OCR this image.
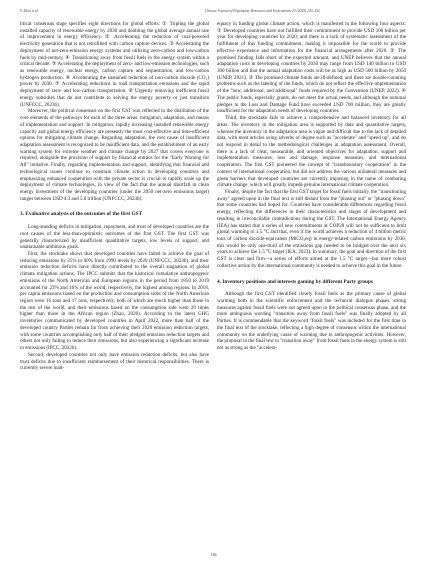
Y. Zhou et al.	Chinese Journal of Population, Resources and Environment 23 (2025) 143–152

litical consensus stage specifies eight directions for global efforts: ① Tripling the global installed capacity of renewable energy by 2030 and doubling the global average annual rate of improvement in energy efficiency. ② Accelerating the reduction of coal-powered electricity generation that is not retrofitted with carbon capture devices. ③ Accelerating the deployment of net-zero-emission energy systems and utilizing zero-carbon and low-carbon fuels by mid-century. ④ Transitioning away from fossil fuels in the energy system within a critical decade. ⑤ Accelerating the deployment of zero- and low-emission technologies, such as renewable energy, nuclear energy, carbon capture and sequestration, and low-carbon hydrogen production. ⑥ Accelerating the sustained reduction of non-carbon dioxide (CO₂) power by 2030. ⑦ Accelerating reductions in road transportation emissions and the rapid deployment of zero- and low-carbon transportation. ⑧ Urgently removing inefficient fossil energy subsidies that do not contribute to solving the energy poverty or just transition (UNFCCC, 2023b).

Moreover, the political consensus on the first GST was reflected in the distillation of the core elements of the pathways for each of the three areas: mitigation, adaptation, and means of implementation and support. In mitigation, rapidly increasing installed renewable energy capacity and global energy efficiency are presently the most cost-effective and time-efficient options for mitigating climate change. Regarding adaptation, the root cause of insufficient adaptation assessment is recognized to be insufficient data, and the establishment of an early warning system for extreme weather and climate change by 2027 that covers everyone is required, alongside the provision of support by financial entities for the "Early Warning for All" initiative. Finally, regarding implementation and support, identifying that financial and technological issues continue to constrain climate action in developing countries and emphasizing enhanced cooperation with the private sector is crucial to rapidly scale up the deployment of climate technologies, in view of the fact that the annual shortfall in clean energy investment of the developing countries (under the 2050 net-zero emissions target) ranges between USD 4.3 and 5.0 trillion (UNFCCC, 2023b).

3. Evaluative analysis of the outcomes of the first GST

Long-standing deficits in mitigation, repayment, and trust of developed countries are the root causes of the less-than-optimistic outcomes of the first GST. The first GST was generally characterized by insufficient quantitative targets, low levels of support, and unattainable ambitious goals.

First, the stocktake shows that developed countries have failed to achieve the goal of reducing emissions by 25% to 40% from 1990 levels by 2020 (UNFCCC, 2023b), and their emission reduction deficits have directly contributed to the overall stagnation of global climate mitigation actions. The IPCC submits that the historical cumulative anthropogenic emissions of the North American and European regions in the period from 1850 to 2019 accounted for 23% and 16% of the world, respectively, the highest among regions. In 2018, per capita emissions based on the production and consumption sides of the North American region were 16 tons and 17 tons, respectively, both of which are much higher than those in the rest of the world, and their emissions based on the consumption side were 20 times higher than those in the African region (Zhao, 2020). According to the latest GHG inventories communicated by developed countries in April 2022, more than half of the developed country Parties remain far from achieving their 2020 emission reduction targets, with some countries accomplishing only half of their pledged emission reduction targets and others not only failing to reduce their emissions, but also experiencing a significant increase in emissions (IPCC, 2022b).

Second, developed countries not only have emission reduction deficits, but also have trust deficits due to insufficient reimbursement of their historical responsibilities. There is currently severe inad-

equacy in funding global climate action, which is manifested in the following four aspects: ① Developed countries have not fulfilled their commitment to provide USD 100 billion per year for developing countries by 2020, and there is a lack of systematic assessment of the fulfillment of this funding commitment, making it impossible for the world to provide effective experience and information for the financial arrangements after 2020. ② The promised funding falls short of the expected amount, and UNEP believes that the annual adaptation costs in developing countries by 2030 may range from USD 140 billion to USD 300 billion and that the annual adaptation costs will be as high as USD 500 billion by 2050 (UNEP, 2021). ③ The promised climate funds are ill-defined, and there are double-counting problems such as the labeling of the funds, which do not reflect the effective implementation of the "new, additional, and additional" funds required by the Convention (UNEP, 2022). ④ The public funds, especially grants, do not meet the actual needs, and although the nominal pledges to the Loss and Damage Fund have exceeded USD 700 million, they are greatly insufficient for the adaptation needs of developing countries.

Third, the stocktake fails to achieve a comprehensive and balanced inventory for all areas. The inventory in the mitigation area is supported by data and quantitative targets, whereas the inventory in the adaptation area is vague and difficult due to the lack of detailed data, with most articles using adverbs of degree such as "accelerate" and "speed up", and do not respond in detail to the methodological challenges in adaptation assessment. Overall, there is a lack of clear, measurable, and oriented objectives for adaptation, support and implementation measures, loss and damage, response measures, and international cooperation. The first GST pioneered the concept of "transboundary cooperation" in the context of international cooperation, but did not address the various unilateral measures and green barriers that developed countries are currently imposing in the name of combating climate change, which will greatly impede genuine international climate cooperation.

Finally, despite the fact that the first GST target for fossil fuels initially, the "transitioning away" agreed upon in the final text is still distant from the "phasing out" or "phasing down" that some countries had hoped for. Countries have considerable differences regarding fossil energy, reflecting the differences in their characteristics and stages of development and resulting in irreconcilable contradictions during the GST. The International Energy Agency (IEA) has stated that a series of new commitments at COP28 will not be sufficient to limit global warming to 1.5 °C and that, even if the world achieves a reduction of 4 billion metric tons of carbon dioxide-equivalent (MtCO₂eq) in energy-related carbon emissions by 2030, this would be only one-third of the emissions gap needed to be bridged over the next six years to achieve the 1.5 °C target (IEA, 2023). In summary, the goal and direction of the first GST is clear and firm—a series of efforts aimed at the 1.5 °C target—but more robust collective action by the international community is needed to achieve this goal in the future.

4. Inventory positions and interests gaming by different Party groups

Although the first GST identified clearly fossil fuels as the primary cause of global warming both in the scientific enforcement and the technical dialogue phases, strong measures against fossil fuels were not agreed upon in the political consensus phase, and the more ambiguous wording "transition away from fossil fuels" was finally adopted by all Parties. It is commendable that the keyword "fossil fuels" was included for the first time in the final text of the stocktake, reflecting a high degree of consensus within the international community on the underlying cause of warming due to anthropogenic activities. However, the proposal in the final text to "transition away" from fossil fuels in the energy system is still not as strong as the "accelera-

146
